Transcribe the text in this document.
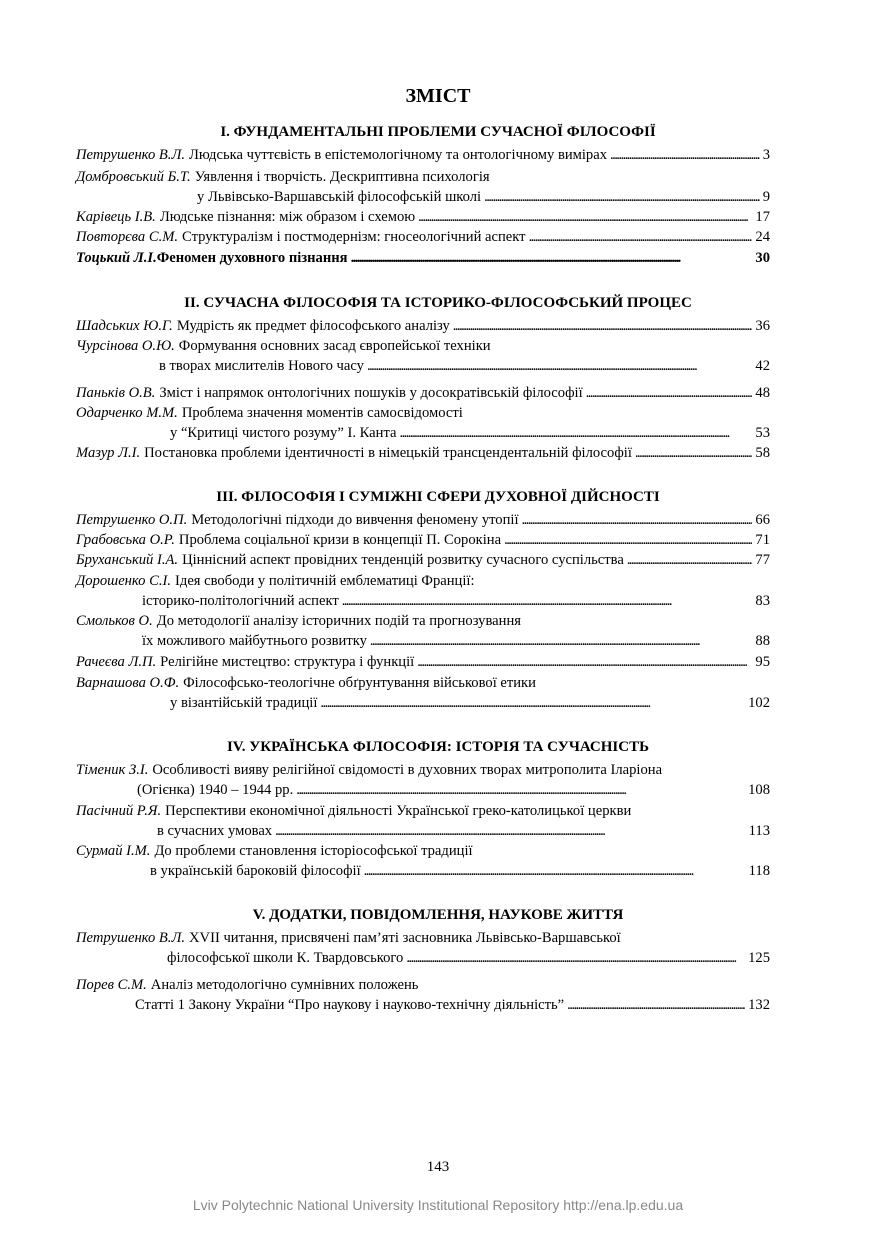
ЗМІСТ
I. ФУНДАМЕНТАЛЬНІ ПРОБЛЕМИ СУЧАСНОЇ ФІЛОСОФІЇ
Петрушенко В.Л. Людська чуттєвість в епістемологічному та онтологічному вимірах . . .	3
Домбровський Б.Т. Уявлення і творчість. Дескриптивна психологія
у Львівсько-Варшавській філософській школі . . .	9
Карівець І.В. Людське пізнання: між образом і схемою . . .	17
Повторєва С.М. Структуралізм і постмодернізм: гносеологічний аспект . . .	24
Тоцький Л.І. Феномен духовного пізнання . . .	30
II. СУЧАСНА ФІЛОСОФІЯ ТА ІСТОРИКО-ФІЛОСОФСЬКИЙ ПРОЦЕС
Шадських Ю.Г. Мудрість як предмет філософського аналізу . . .	36
Чурсінова О.Ю. Формування основних засад європейської техніки
в творах мислителів Нового часу . . .	42
Паньків О.В. Зміст і напрямок онтологічних пошуків у досократівській філософії . . .	48
Одарченко М.М. Проблема значення моментів самосвідомості
у “Критиці чистого розуму” І. Канта . . .	53
Мазур Л.І. Постановка проблеми ідентичності в німецькій трансцендентальній філософії . . .	58
III. ФІЛОСОФІЯ І СУМІЖНІ СФЕРИ ДУХОВНОЇ ДІЙСНОСТІ
Петрушенко О.П. Методологічні підходи до вивчення феномену утопії . . .	66
Грабовська О.Р. Проблема соціальної кризи в концепції П. Сорокіна . . .	71
Бруханський І.А. Ціннісний аспект провідних тенденцій розвитку сучасного суспільства . . .	77
Дорошенко С.І. Ідея свободи у політичній емблематиці Франції:
історико-політологічний аспект . . .	83
Смольков О. До методології аналізу історичних подій та прогнозування
їх можливого майбутнього розвитку . . .	88
Рачеєва Л.П. Релігійне мистецтво: структура і функції . . .	95
Варнашова О.Ф. Філософсько-теологічне обґрунтування військової етики
у візантійській традиції . . .	102
IV. УКРАЇНСЬКА ФІЛОСОФІЯ: ІСТОРІЯ ТА СУЧАСНІСТЬ
Тіменик З.І. Особливості вияву релігійної свідомості в духовних творах митрополита Іларіона
(Огієнка) 1940 – 1944 рр. . . .	108
Пасічний Р.Я. Перспективи економічної діяльності Української греко-католицької церкви
в сучасних умовах . . .	113
Сурмай І.М. До проблеми становлення історіософської традиції
в українській бароковій філософії . . .	118
V. ДОДАТКИ, ПОВІДОМЛЕННЯ, НАУКОВЕ ЖИТТЯ
Петрушенко В.Л. XVII читання, присвячені пам’яті засновника Львівсько-Варшавської
філософської школи К. Твардовського . . .	125
Порев С.М. Аналіз методологічно сумнівних положень
Статті 1 Закону України “Про наукову і науково-технічну діяльність” . . .	132
143
Lviv Polytechnic National University Institutional Repository http://ena.lp.edu.ua
